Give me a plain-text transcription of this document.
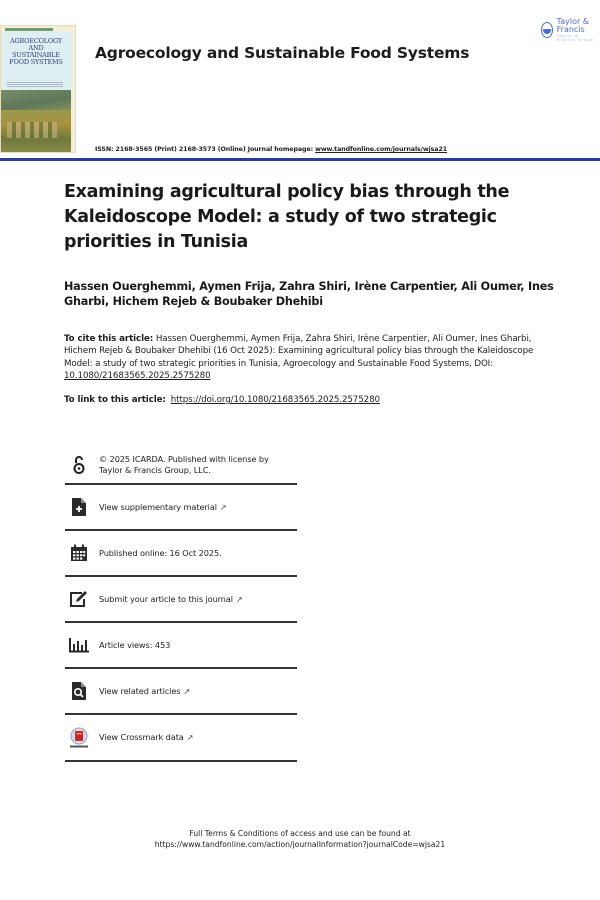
AGROECOLOGY
AND
SUSTAINABLE
FOOD SYSTEMS	Agroecology and Sustainable Food Systems
Taylor & Francis
Taylor & Francis Group
ISSN: 2168-3565 (Print) 2168-3573 (Online) Journal homepage: www.tandfonline.com/journals/wjsa21
Examining agricultural policy bias through the Kaleidoscope Model: a study of two strategic priorities in Tunisia
Hassen Ouerghemmi, Aymen Frija, Zahra Shiri, Irène Carpentier, Ali Oumer, Ines Gharbi, Hichem Rejeb & Boubaker Dhehibi
To cite this article: Hassen Ouerghemmi, Aymen Frija, Zahra Shiri, Irène Carpentier, Ali Oumer, Ines Gharbi, Hichem Rejeb & Boubaker Dhehibi (16 Oct 2025): Examining agricultural policy bias through the Kaleidoscope Model: a study of two strategic priorities in Tunisia, Agroecology and Sustainable Food Systems, DOI: 10.1080/21683565.2025.2575280
To link to this article: https://doi.org/10.1080/21683565.2025.2575280
© 2025 ICARDA. Published with license by Taylor & Francis Group, LLC.
View supplementary material ↗
Published online: 16 Oct 2025.
Submit your article to this journal ↗
Article views: 453
View related articles ↗
View Crossmark data ↗
Full Terms & Conditions of access and use can be found at
https://www.tandfonline.com/action/journalInformation?journalCode=wjsa21
